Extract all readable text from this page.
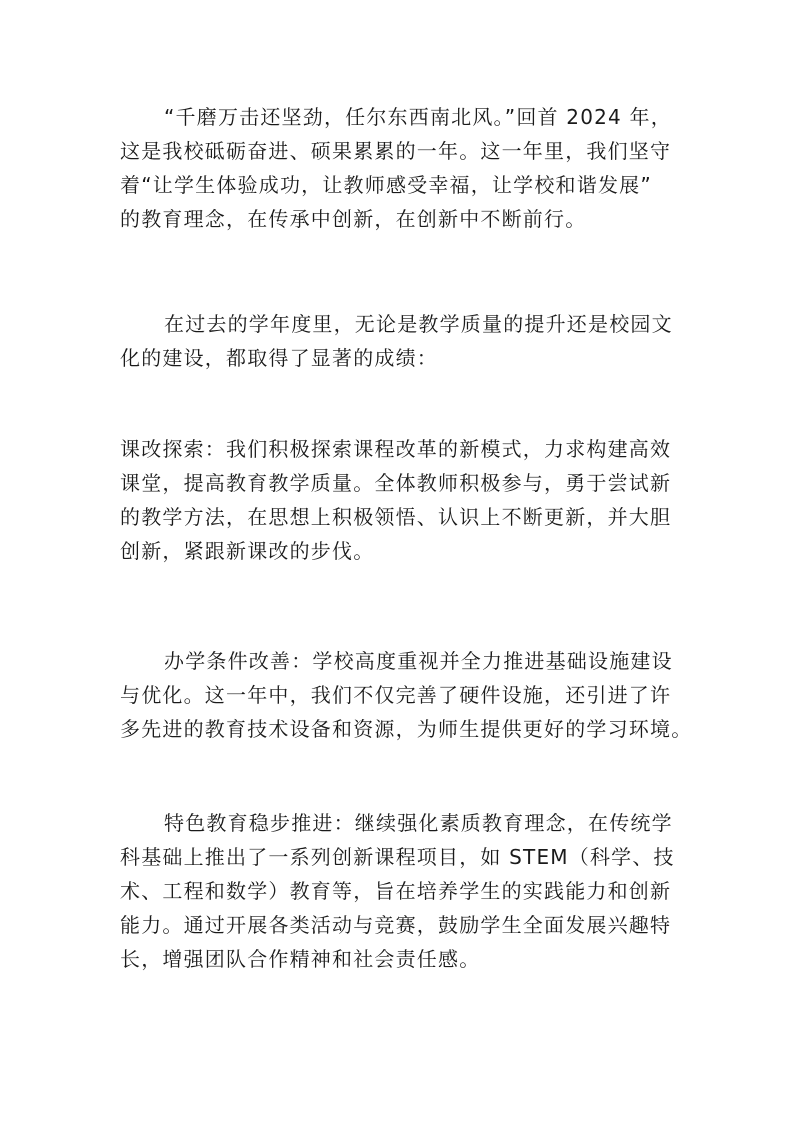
“千磨万击还坚劲，任尔东西南北风。”回首 2024 年，
这是我校砥砺奋进、硕果累累的一年。这一年里，我们坚守
着“让学生体验成功，让教师感受幸福，让学校和谐发展”
的教育理念，在传承中创新，在创新中不断前行。

在过去的学年度里，无论是教学质量的提升还是校园文
化的建设，都取得了显著的成绩：

课改探索：我们积极探索课程改革的新模式，力求构建高效
课堂，提高教育教学质量。全体教师积极参与，勇于尝试新
的教学方法，在思想上积极领悟、认识上不断更新，并大胆
创新，紧跟新课改的步伐。

办学条件改善：学校高度重视并全力推进基础设施建设
与优化。这一年中，我们不仅完善了硬件设施，还引进了许
多先进的教育技术设备和资源，为师生提供更好的学习环境。

特色教育稳步推进：继续强化素质教育理念，在传统学
科基础上推出了一系列创新课程项目，如 STEM（科学、技
术、工程和数学）教育等，旨在培养学生的实践能力和创新
能力。通过开展各类活动与竞赛，鼓励学生全面发展兴趣特
长，增强团队合作精神和社会责任感。
